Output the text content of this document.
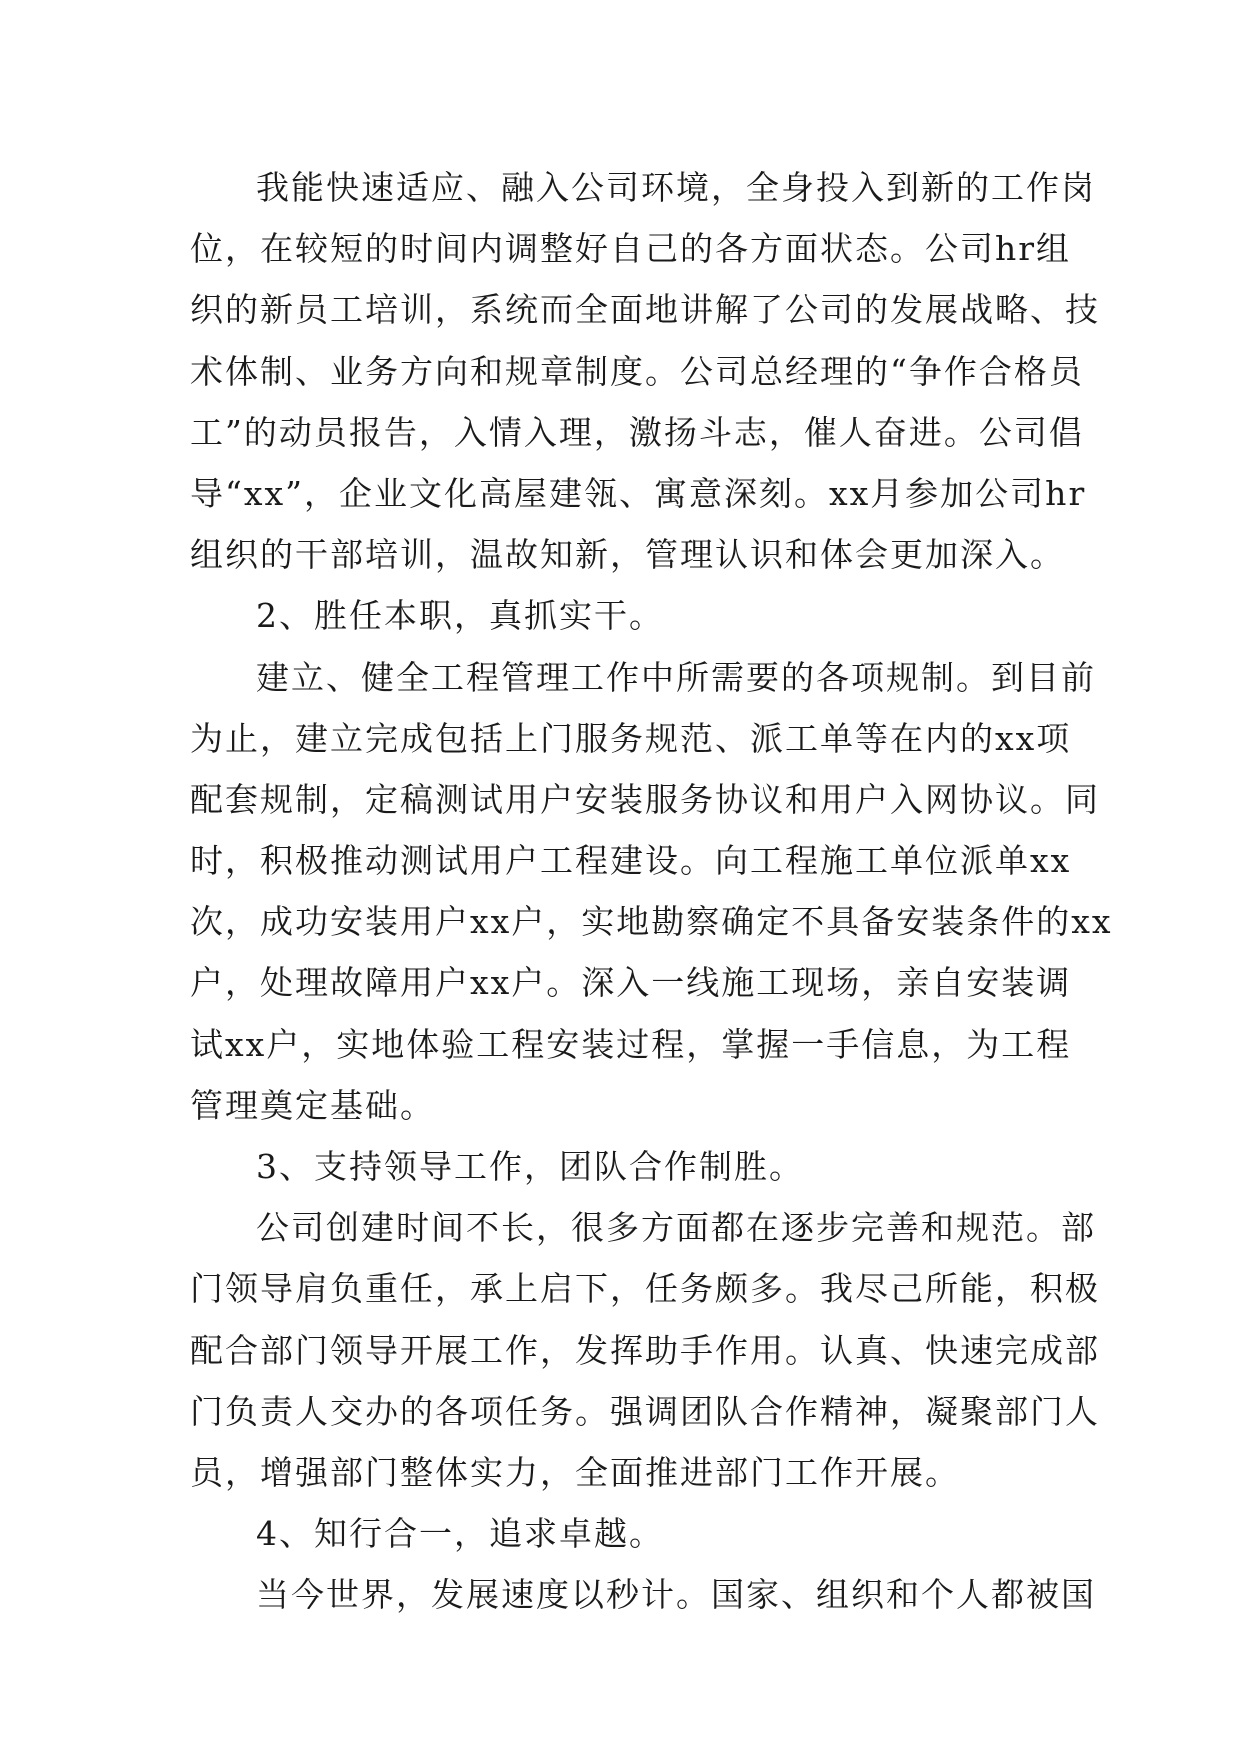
我能快速适应、融入公司环境，全身投入到新的工作岗
位，在较短的时间内调整好自己的各方面状态。公司hr组
织的新员工培训，系统而全面地讲解了公司的发展战略、技
术体制、业务方向和规章制度。公司总经理的“争作合格员
工”的动员报告，入情入理，激扬斗志，催人奋进。公司倡
导“xx”，企业文化高屋建瓴、寓意深刻。xx月参加公司hr
组织的干部培训，温故知新，管理认识和体会更加深入。
2、胜任本职，真抓实干。
建立、健全工程管理工作中所需要的各项规制。到目前
为止，建立完成包括上门服务规范、派工单等在内的xx项
配套规制，定稿测试用户安装服务协议和用户入网协议。同
时，积极推动测试用户工程建设。向工程施工单位派单xx
次，成功安装用户xx户，实地勘察确定不具备安装条件的xx
户，处理故障用户xx户。深入一线施工现场，亲自安装调
试xx户，实地体验工程安装过程，掌握一手信息，为工程
管理奠定基础。
3、支持领导工作，团队合作制胜。
公司创建时间不长，很多方面都在逐步完善和规范。部
门领导肩负重任，承上启下，任务颇多。我尽己所能，积极
配合部门领导开展工作，发挥助手作用。认真、快速完成部
门负责人交办的各项任务。强调团队合作精神，凝聚部门人
员，增强部门整体实力，全面推进部门工作开展。
4、知行合一，追求卓越。
当今世界，发展速度以秒计。国家、组织和个人都被国
